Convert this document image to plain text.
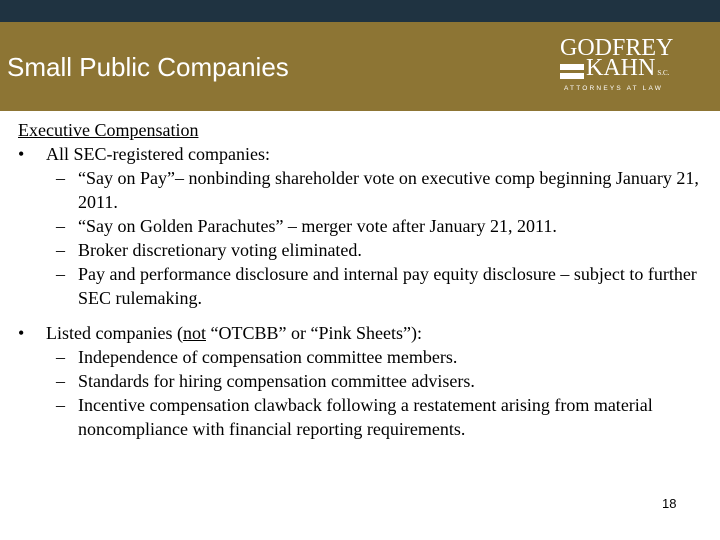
Small Public Companies
GODFREY
KAHN S.C.
ATTORNEYS AT LAW
Executive Compensation
• All SEC-registered companies:
– “Say on Pay”– nonbinding shareholder vote on executive comp beginning January 21, 2011.
– “Say on Golden Parachutes” – merger vote after January 21, 2011.
– Broker discretionary voting eliminated.
– Pay and performance disclosure and internal pay equity disclosure – subject to further SEC rulemaking.
• Listed companies (not “OTCBB” or “Pink Sheets”):
– Independence of compensation committee members.
– Standards for hiring compensation committee advisers.
– Incentive compensation clawback following a restatement arising from material noncompliance with financial reporting requirements.
18
